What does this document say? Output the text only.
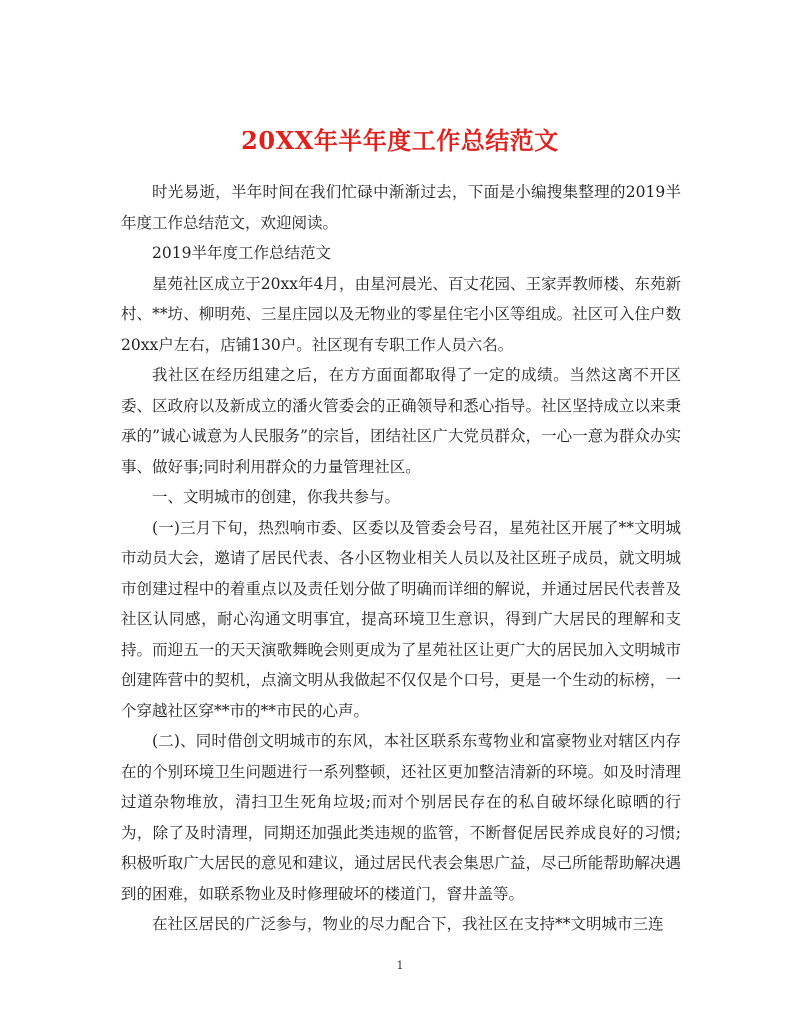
20XX年半年度工作总结范文

时光易逝，半年时间在我们忙碌中渐渐过去，下面是小编搜集整理的2019半年度工作总结范文，欢迎阅读。

2019半年度工作总结范文

星苑社区成立于20xx年4月，由星河晨光、百丈花园、王家弄教师楼、东苑新村、**坊、柳明苑、三星庄园以及无物业的零星住宅小区等组成。社区可入住户数20xx户左右，店铺130户。社区现有专职工作人员六名。

我社区在经历组建之后，在方方面面都取得了一定的成绩。当然这离不开区委、区政府以及新成立的潘火管委会的正确领导和悉心指导。社区坚持成立以来秉承的”诚心诚意为人民服务”的宗旨，团结社区广大党员群众，一心一意为群众办实事、做好事;同时利用群众的力量管理社区。

一、文明城市的创建，你我共参与。

(一)三月下旬，热烈响市委、区委以及管委会号召，星苑社区开展了**文明城市动员大会，邀请了居民代表、各小区物业相关人员以及社区班子成员，就文明城市创建过程中的着重点以及责任划分做了明确而详细的解说，并通过居民代表普及社区认同感，耐心沟通文明事宜，提高环境卫生意识，得到广大居民的理解和支持。而迎五一的天天演歌舞晚会则更成为了星苑社区让更广大的居民加入文明城市创建阵营中的契机，点滴文明从我做起不仅仅是个口号，更是一个生动的标榜，一个穿越社区穿**市的**市民的心声。

(二)、同时借创文明城市的东风，本社区联系东莺物业和富豪物业对辖区内存在的个别环境卫生问题进行一系列整顿，还社区更加整洁清新的环境。如及时清理过道杂物堆放，清扫卫生死角垃圾;而对个别居民存在的私自破坏绿化晾晒的行为，除了及时清理，同期还加强此类违规的监管，不断督促居民养成良好的习惯;积极听取广大居民的意见和建议，通过居民代表会集思广益，尽己所能帮助解决遇到的困难，如联系物业及时修理破坏的楼道门，窨井盖等。

在社区居民的广泛参与，物业的尽力配合下，我社区在支持**文明城市三连

1
